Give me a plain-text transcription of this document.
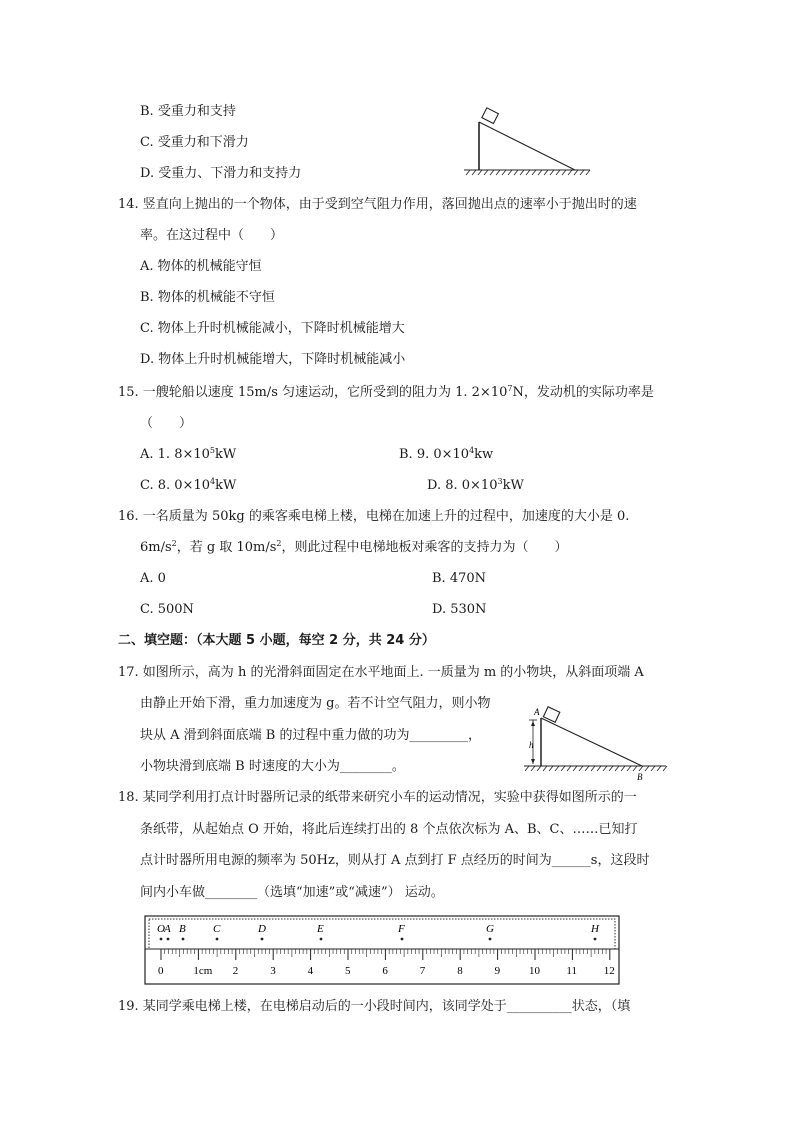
B. 受重力和支持
C. 受重力和下滑力
D. 受重力、下滑力和支持力
14. 竖直向上抛出的一个物体，由于受到空气阻力作用，落回抛出点的速率小于抛出时的速
率。在这过程中（　　）
A. 物体的机械能守恒
B. 物体的机械能不守恒
C. 物体上升时机械能减小，下降时机械能增大
D. 物体上升时机械能增大，下降时机械能减小
15. 一艘轮船以速度 15m/s 匀速运动，它所受到的阻力为 1. $2\times 10^7N$，发动机的实际功率是
（　　）
A. 1. $8\times 10^5kW$	B. 9. $0\times 10^4kw$
C. 8. $0\times 10^4kW$	D. 8. $0\times 10^3kW$
16. 一名质量为 50kg 的乘客乘电梯上楼，电梯在加速上升的过程中，加速度的大小是 0.
$6m/s^2$，若 g 取 $10m/s^2$，则此过程中电梯地板对乘客的支持力为（　　）
A. 0	B. 470N
C. 500N	D. 530N
二、填空题：（本大题 5 小题，每空 2 分，共 24 分）
17. 如图所示，高为 h 的光滑斜面固定在水平地面上. 一质量为 m 的小物块，从斜面项端 A
由静止开始下滑，重力加速度为 g。若不计空气阻力，则小物
块从 A 滑到斜面底端 B 的过程中重力做的功为_________，
小物块滑到底端 B 时速度的大小为________。
A
h
B
18. 某同学利用打点计时器所记录的纸带来研究小车的运动情况，实验中获得如图所示的一
条纸带，从起始点 O 开始，将此后连续打出的 8 个点依次标为 A、B、C、……已知打
点计时器所用电源的频率为 50Hz，则从打 A 点到打 F 点经历的时间为______s，这段时
间内小车做________（选填“加速”或“减速”） 运动。
O A B C	D	E	F	G	H
0	1cm 2	3	4	5	6	7	8	9	10 11 12
19. 某同学乘电梯上楼，在电梯启动后的一小段时间内，该同学处于__________状态，（填
